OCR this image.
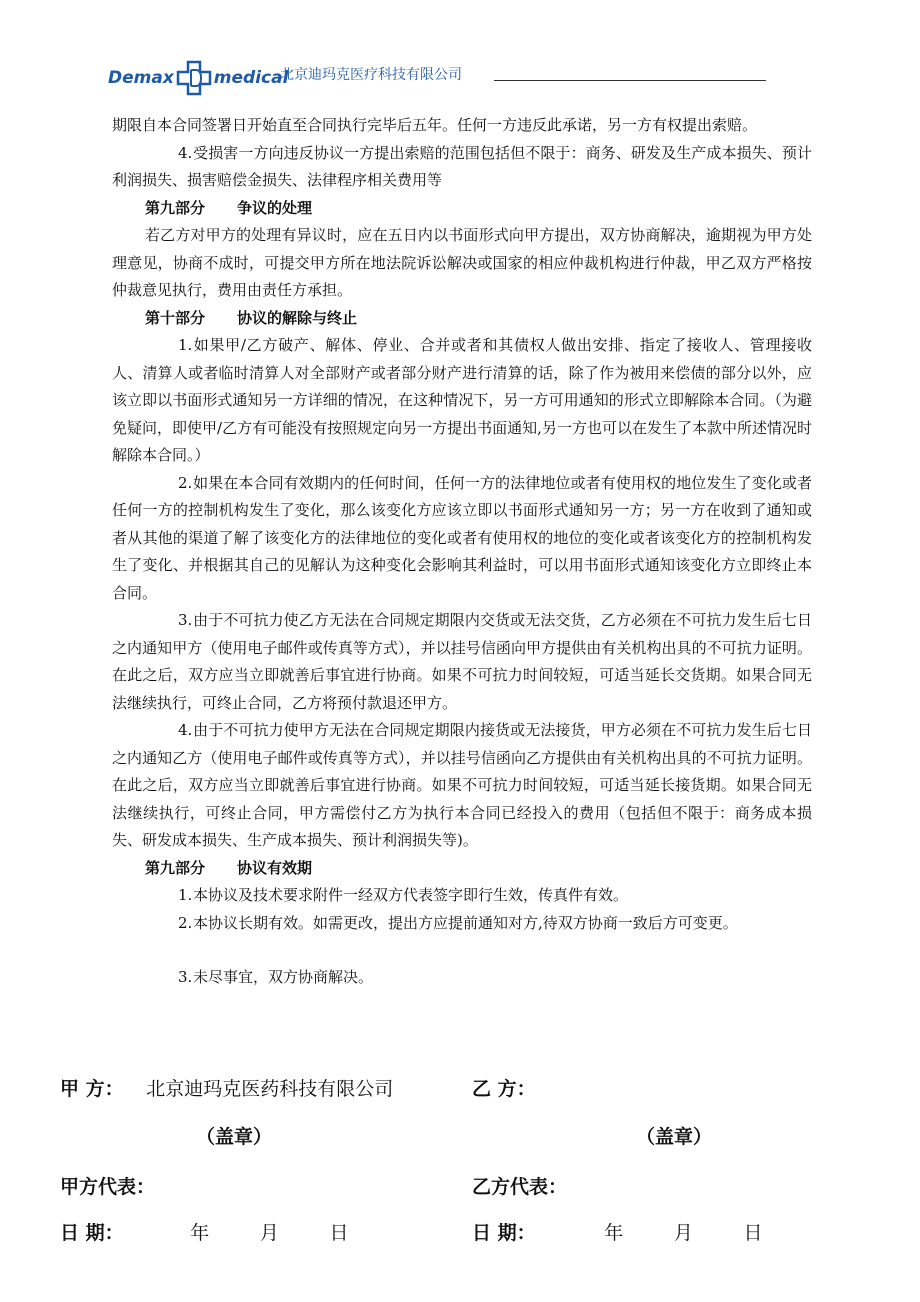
Demax medical
北京迪玛克医疗科技有限公司

期限自本合同签署日开始直至合同执行完毕后五年。任何一方违反此承诺，另一方有权提出索赔。

4.受损害一方向违反协议一方提出索赔的范围包括但不限于：商务、研发及生产成本损失、预计利润损失、损害赔偿金损失、法律程序相关费用等

第九部分 争议的处理

若乙方对甲方的处理有异议时，应在五日内以书面形式向甲方提出，双方协商解决，逾期视为甲方处理意见，协商不成时，可提交甲方所在地法院诉讼解决或国家的相应仲裁机构进行仲裁，甲乙双方严格按仲裁意见执行，费用由责任方承担。

第十部分 协议的解除与终止

1.如果甲/乙方破产、解体、停业、合并或者和其债权人做出安排、指定了接收人、管理接收人、清算人或者临时清算人对全部财产或者部分财产进行清算的话，除了作为被用来偿债的部分以外，应该立即以书面形式通知另一方详细的情况，在这种情况下，另一方可用通知的形式立即解除本合同。（为避免疑问，即使甲/乙方有可能没有按照规定向另一方提出书面通知,另一方也可以在发生了本款中所述情况时解除本合同。）

2.如果在本合同有效期内的任何时间，任何一方的法律地位或者有使用权的地位发生了变化或者任何一方的控制机构发生了变化，那么该变化方应该立即以书面形式通知另一方；另一方在收到了通知或者从其他的渠道了解了该变化方的法律地位的变化或者有使用权的地位的变化或者该变化方的控制机构发生了变化、并根据其自己的见解认为这种变化会影响其利益时，可以用书面形式通知该变化方立即终止本合同。

3.由于不可抗力使乙方无法在合同规定期限内交货或无法交货，乙方必须在不可抗力发生后七日之内通知甲方（使用电子邮件或传真等方式），并以挂号信函向甲方提供由有关机构出具的不可抗力证明。在此之后，双方应当立即就善后事宜进行协商。如果不可抗力时间较短，可适当延长交货期。如果合同无法继续执行，可终止合同，乙方将预付款退还甲方。

4.由于不可抗力使甲方无法在合同规定期限内接货或无法接货，甲方必须在不可抗力发生后七日之内通知乙方（使用电子邮件或传真等方式），并以挂号信函向乙方提供由有关机构出具的不可抗力证明。在此之后，双方应当立即就善后事宜进行协商。如果不可抗力时间较短，可适当延长接货期。如果合同无法继续执行，可终止合同，甲方需偿付乙方为执行本合同已经投入的费用（包括但不限于：商务成本损失、研发成本损失、生产成本损失、预计利润损失等)。

第九部分 协议有效期

1.本协议及技术要求附件一经双方代表签字即行生效，传真件有效。

2.本协议长期有效。如需更改，提出方应提前通知对方,待双方协商一致后方可变更。

3.未尽事宜，双方协商解决。

甲 方： 北京迪玛克医药科技有限公司	乙 方：
（盖章）	（盖章）
甲方代表：	乙方代表：
日 期：	年	月	日	日 期：	年	月	日
